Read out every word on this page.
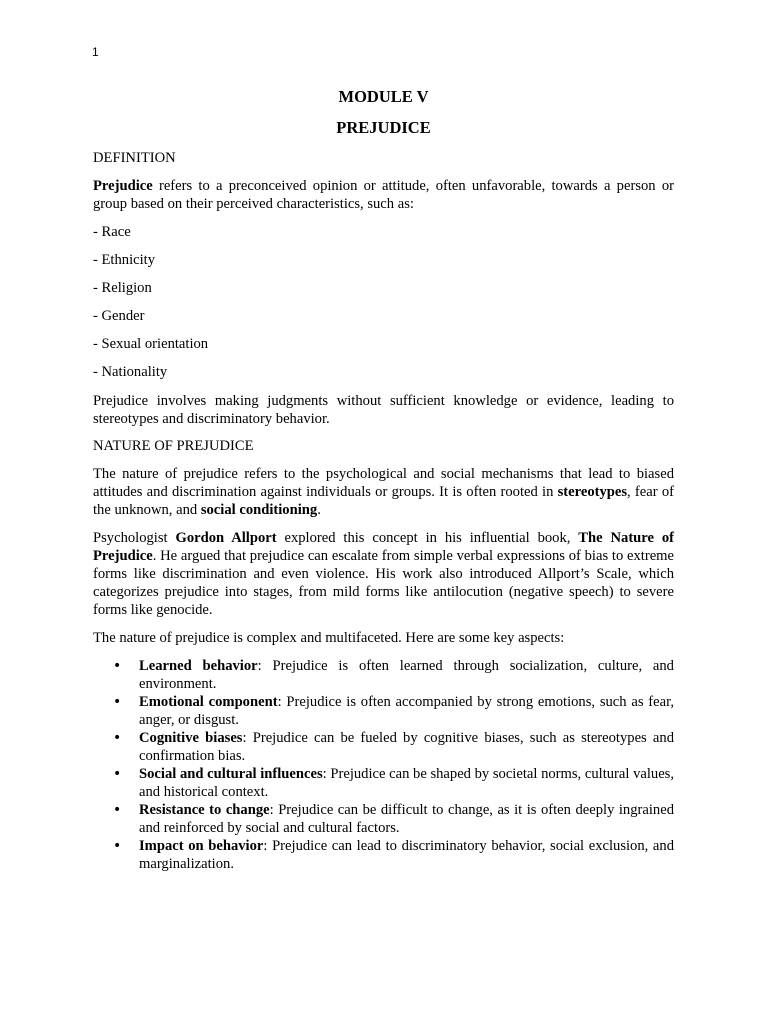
1
MODULE V
PREJUDICE

DEFINITION

Prejudice refers to a preconceived opinion or attitude, often unfavorable, towards a person or group based on their perceived characteristics, such as:

- Race

- Ethnicity

- Religion

- Gender

- Sexual orientation

- Nationality

Prejudice involves making judgments without sufficient knowledge or evidence, leading to stereotypes and discriminatory behavior.

NATURE OF PREJUDICE

The nature of prejudice refers to the psychological and social mechanisms that lead to biased attitudes and discrimination against individuals or groups. It is often rooted in stereotypes, fear of the unknown, and social conditioning.

Psychologist Gordon Allport explored this concept in his influential book, The Nature of Prejudice. He argued that prejudice can escalate from simple verbal expressions of bias to extreme forms like discrimination and even violence. His work also introduced Allport’s Scale, which categorizes prejudice into stages, from mild forms like antilocution (negative speech) to severe forms like genocide.

The nature of prejudice is complex and multifaceted. Here are some key aspects:

• Learned behavior: Prejudice is often learned through socialization, culture, and environment.
• Emotional component: Prejudice is often accompanied by strong emotions, such as fear, anger, or disgust.
• Cognitive biases: Prejudice can be fueled by cognitive biases, such as stereotypes and confirmation bias.
• Social and cultural influences: Prejudice can be shaped by societal norms, cultural values, and historical context.
• Resistance to change: Prejudice can be difficult to change, as it is often deeply ingrained and reinforced by social and cultural factors.
• Impact on behavior: Prejudice can lead to discriminatory behavior, social exclusion, and marginalization.
